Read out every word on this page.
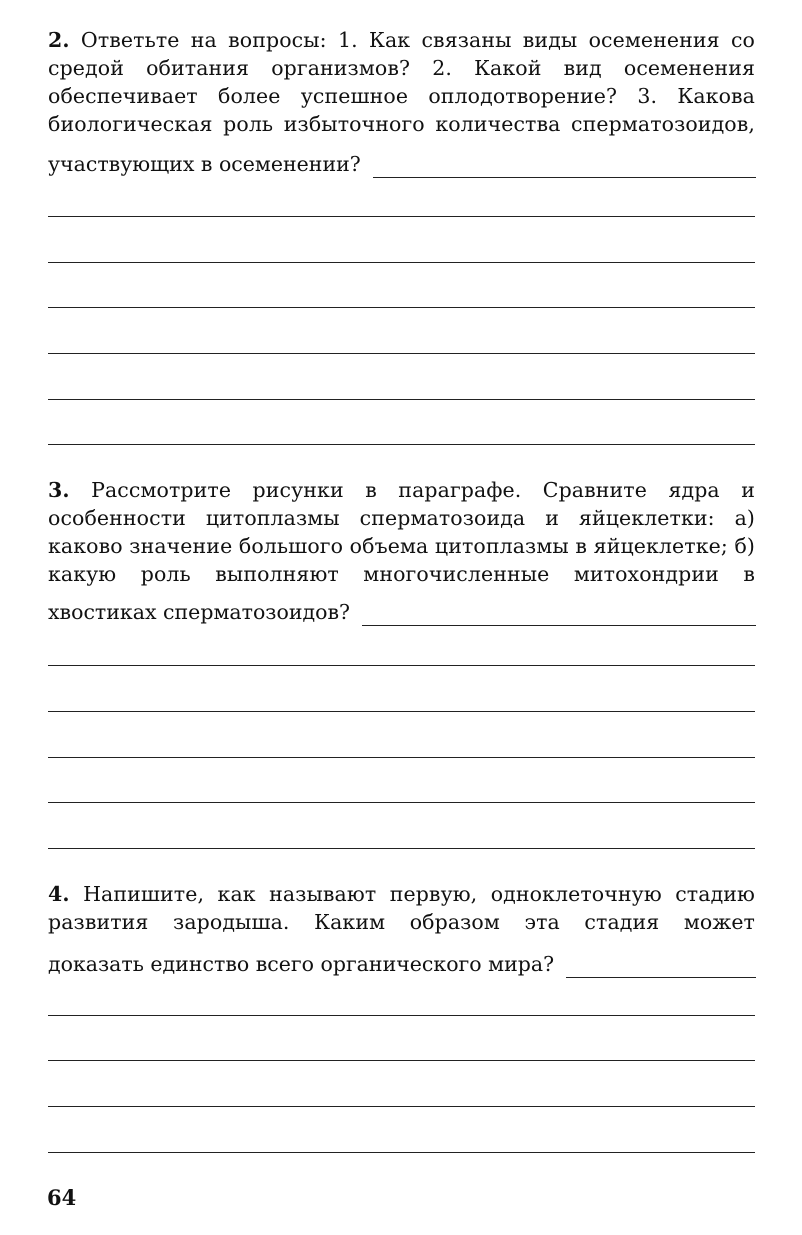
2. Ответьте на вопросы: 1. Как связаны виды осеменения со средой обитания организмов? 2. Какой вид осеменения обеспечивает более успешное оплодотворение? 3. Какова биологическая роль избыточного количества сперматозоидов,
участвующих в осеменении?
3. Рассмотрите рисунки в параграфе. Сравните ядра и особенности цитоплазмы сперматозоида и яйцеклетки: а) каково значение большого объема цитоплазмы в яйцеклетке; б) какую роль выполняют многочисленные митохондрии в
хвостиках сперматозоидов?
4. Напишите, как называют первую, одноклеточную стадию развития зародыша. Каким образом эта стадия может
доказать единство всего органического мира?
64
